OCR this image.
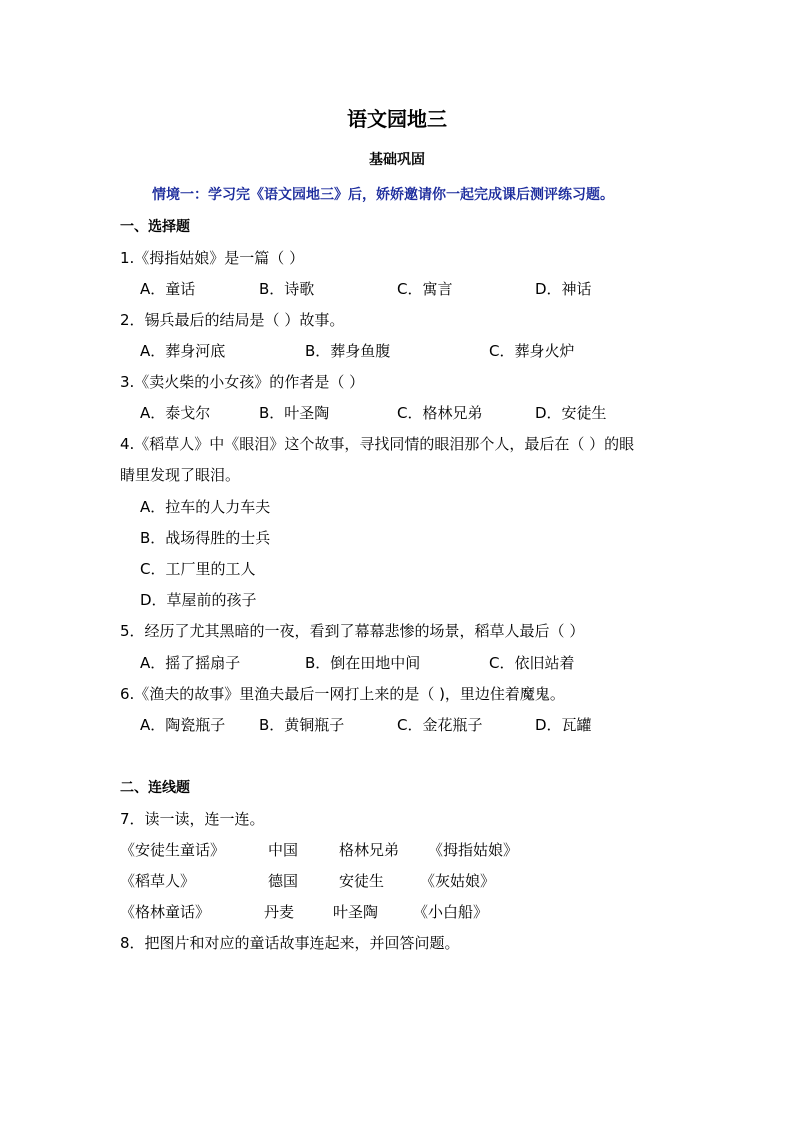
语文园地三
基础巩固
情境一：学习完《语文园地三》后，娇娇邀请你一起完成课后测评练习题。
一、选择题
1.《拇指姑娘》是一篇（ ）
A．童话	B．诗歌	C．寓言	D．神话
2．锡兵最后的结局是（ ）故事。
A．葬身河底	B．葬身鱼腹	C．葬身火炉
3.《卖火柴的小女孩》的作者是（ ）
A．泰戈尔	B．叶圣陶	C．格林兄弟	D．安徒生
4.《稻草人》中《眼泪》这个故事，寻找同情的眼泪那个人，最后在（ ）的眼
睛里发现了眼泪。
A．拉车的人力车夫
B．战场得胜的士兵
C．工厂里的工人
D．草屋前的孩子
5．经历了尤其黑暗的一夜，看到了幕幕悲惨的场景，稻草人最后（ ）
A．摇了摇扇子	B．倒在田地中间	C．依旧站着
6.《渔夫的故事》里渔夫最后一网打上来的是（ )，里边住着魔鬼。
A．陶瓷瓶子 B．黄铜瓶子	C．金花瓶子	D．瓦罐
二、连线题
7．读一读，连一连。
《安徒生童话》	中国	格林兄弟 《拇指姑娘》
《稻草人》	德国	安徒生 《灰姑娘》
《格林童话》	丹麦	叶圣陶 《小白船》
8．把图片和对应的童话故事连起来，并回答问题。
